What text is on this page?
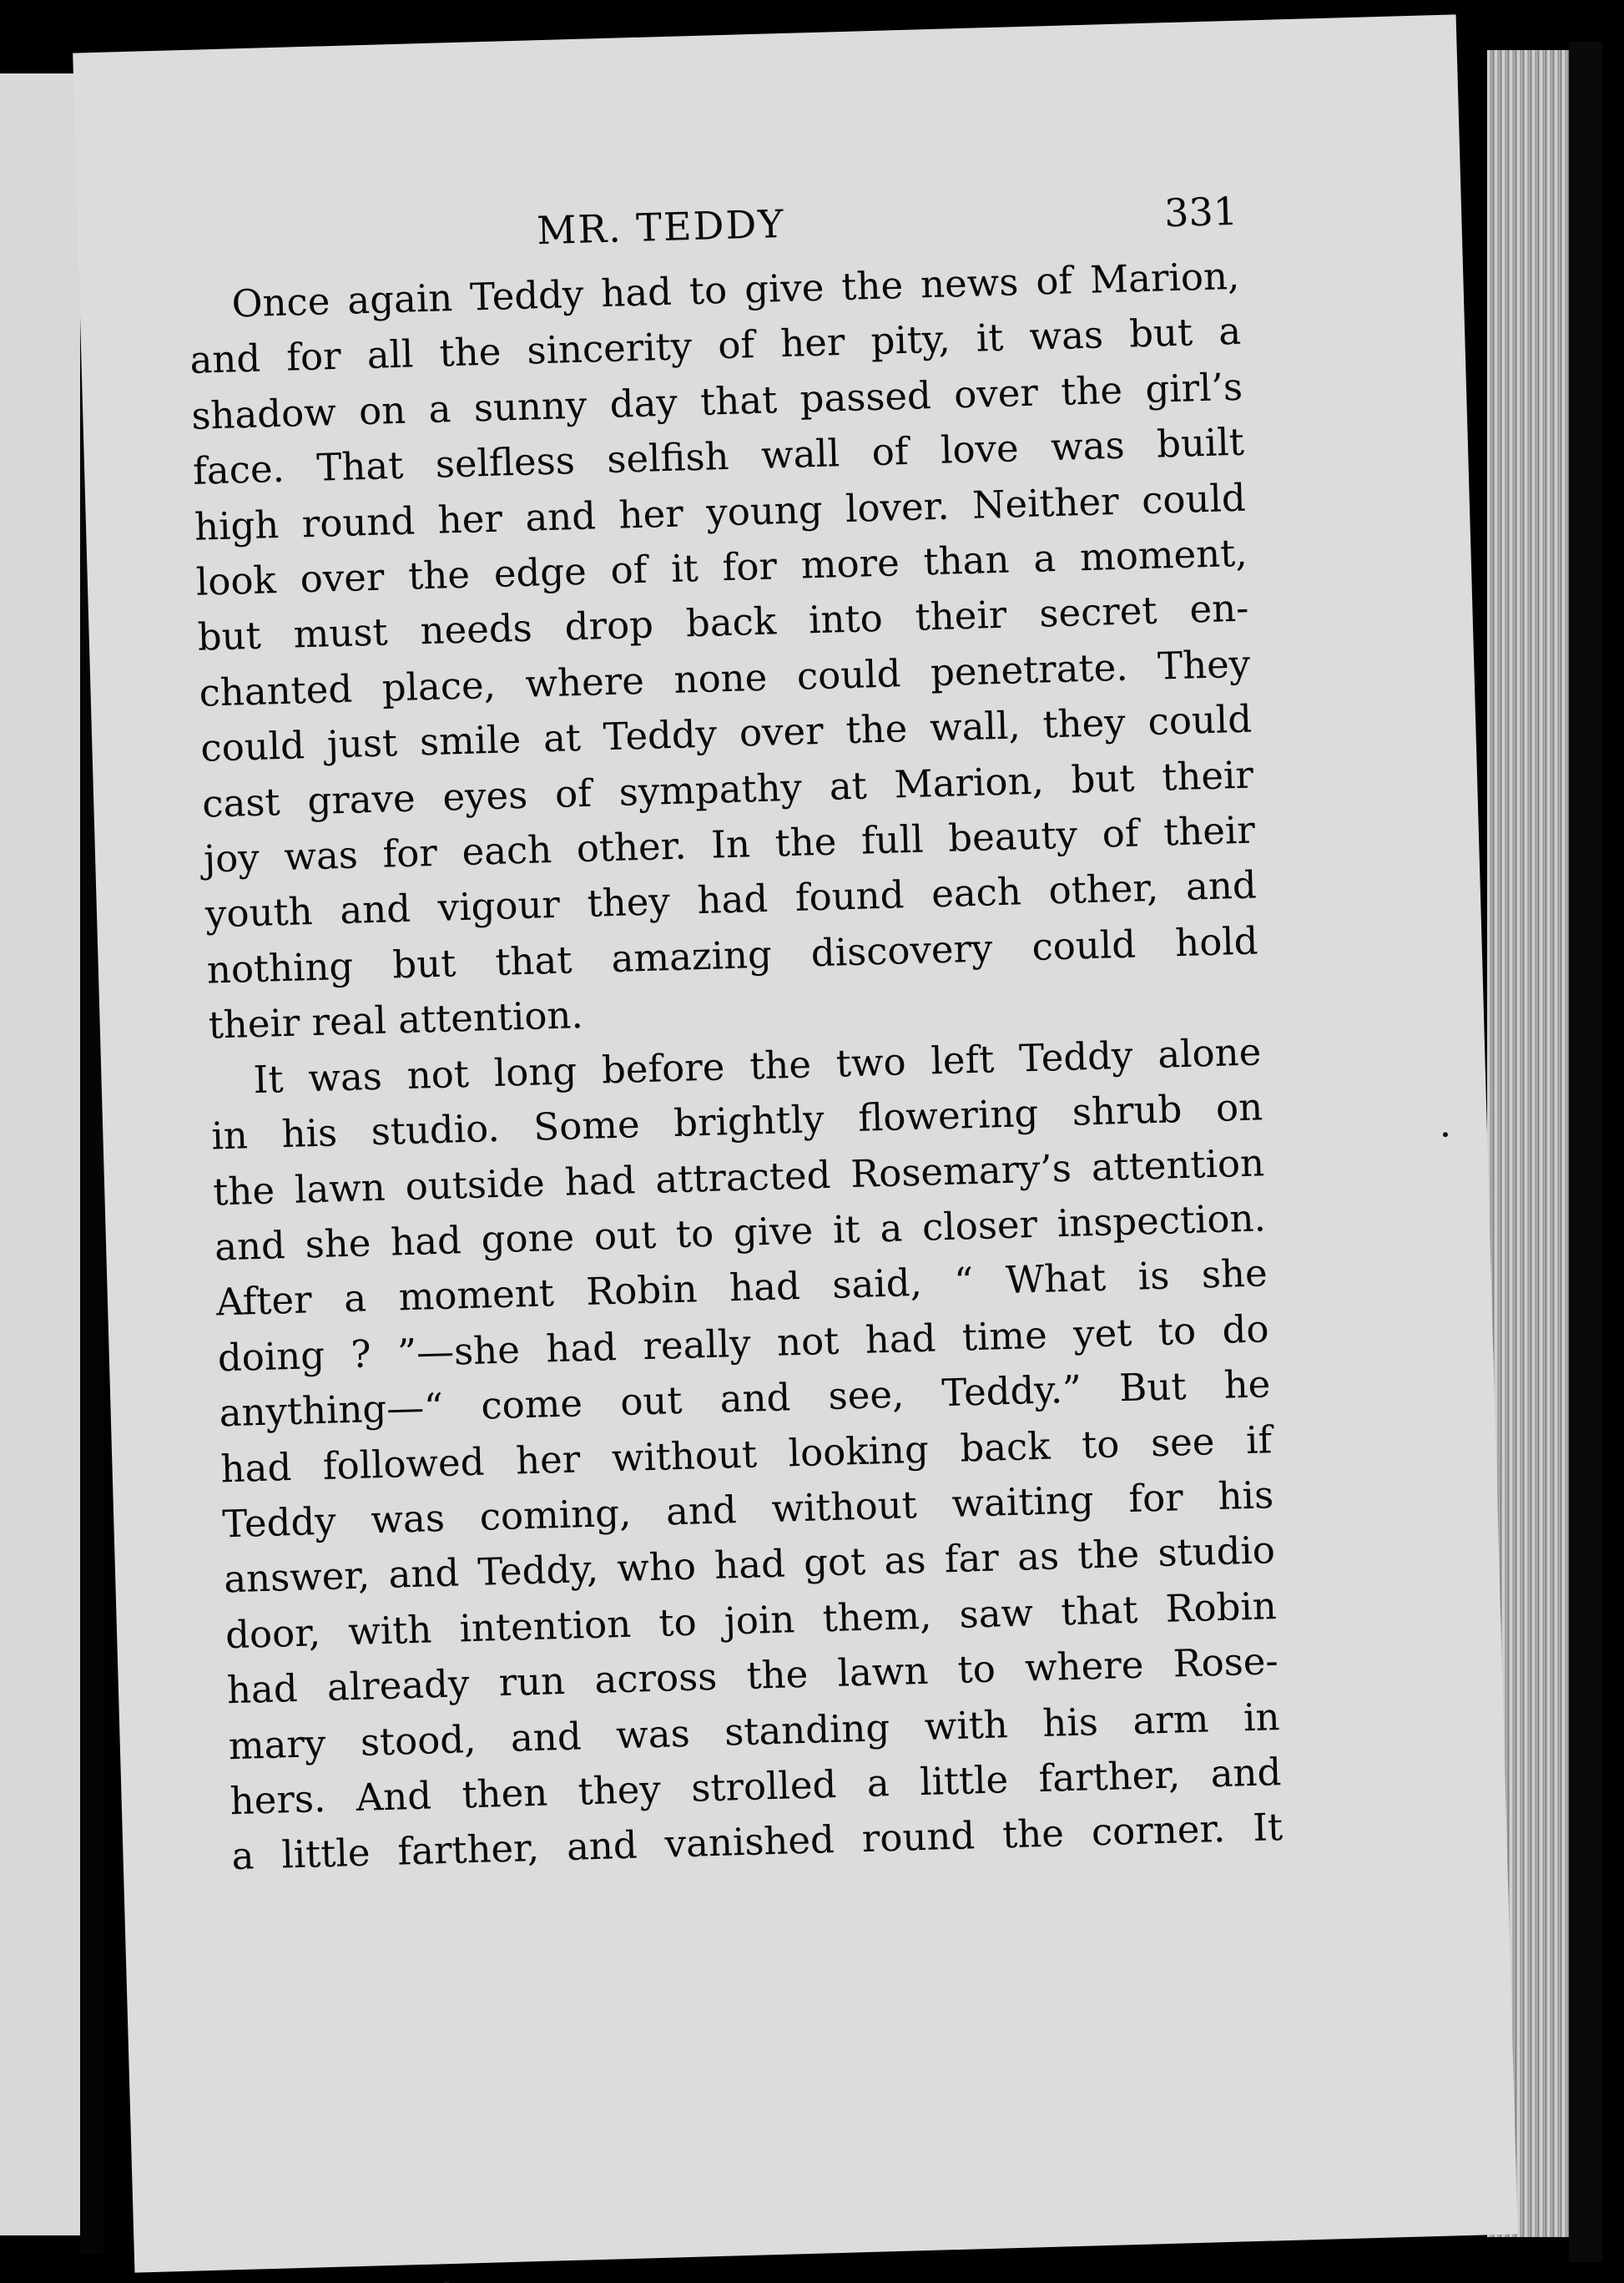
MR. TEDDY	331
Once again Teddy had to give the news of Marion,
and for all the sincerity of her pity, it was but a
shadow on a sunny day that passed over the girl’s
face. That selfless selfish wall of love was built
high round her and her young lover. Neither could
look over the edge of it for more than a moment,
but must needs drop back into their secret en-
chanted place, where none could penetrate. They
could just smile at Teddy over the wall, they could
cast grave eyes of sympathy at Marion, but their
joy was for each other. In the full beauty of their
youth and vigour they had found each other, and
nothing but that amazing discovery could hold
their real attention.
It was not long before the two left Teddy alone
in his studio. Some brightly flowering shrub on
the lawn outside had attracted Rosemary’s attention
and she had gone out to give it a closer inspection.
After a moment Robin had said, “ What is she
doing ? ”—she had really not had time yet to do
anything—“ come out and see, Teddy.” But he
had followed her without looking back to see if
Teddy was coming, and without waiting for his
answer, and Teddy, who had got as far as the studio
door, with intention to join them, saw that Robin
had already run across the lawn to where Rose-
mary stood, and was standing with his arm in
hers. And then they strolled a little farther, and
a little farther, and vanished round the corner. It
